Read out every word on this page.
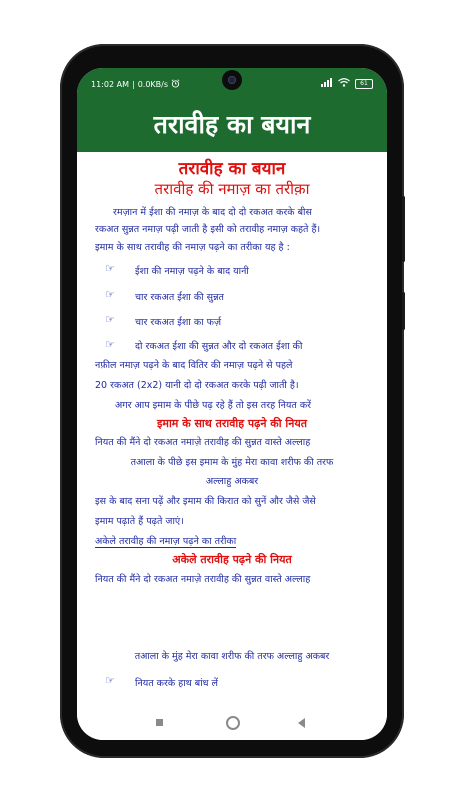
11:02 AM | 0.0KB/s	61
तरावीह का बयान
तरावीह का बयान
तरावीह की नमाज़ का तरीक़ा
रमज़ान में ईशा की नमाज़ के बाद दो दो रकअत करके बीस
रकअत सुन्नत नमाज़ पढ़ी जाती है इसी को तरावीह नमाज़ कहते हैं।
इमाम के साथ तरावीह की नमाज़ पढ़ने का तरीका यह है :
☞ ईशा की नमाज़ पढ़ने के बाद यानी
☞ चार रकअत ईशा की सुन्नत
☞ चार रकअत ईशा का फर्ज़
☞ दो रकअत ईशा की सुन्नत और दो रकअत ईशा की
नफ़ील नमाज़ पढ़ने के बाद वितिर की नमाज़ पढ़ने से पहले
20 रकअत (2x2) यानी दो दो रकअत करके पढ़ी जाती है।
अगर आप इमाम के पीछे पढ़ रहे हैं तो इस तरह नियत करें
इमाम के साथ तरावीह पढ़ने की नियत
नियत की मैंने दो रकअत नमाज़े तरावीह की सुन्नत वास्ते अल्लाह
तआला के पीछे इस इमाम के मुंह मेरा कावा शरीफ की तरफ
अल्लाहु अकबर
इस के बाद सना पढ़ें और इमाम की किरात को सुनें और जैसे जैसे
इमाम पढ़ाते हैं पढ़ते जाएं।
अकेले तरावीह की नमाज़ पढ़ने का तरीका
अकेले तरावीह पढ़ने की नियत
नियत की मैंने दो रकअत नमाज़े तरावीह की सुन्नत वास्ते अल्लाह
तआला के मुंह मेरा कावा शरीफ की तरफ अल्लाहु अकबर
☞ नियत करके हाथ बांध लें
